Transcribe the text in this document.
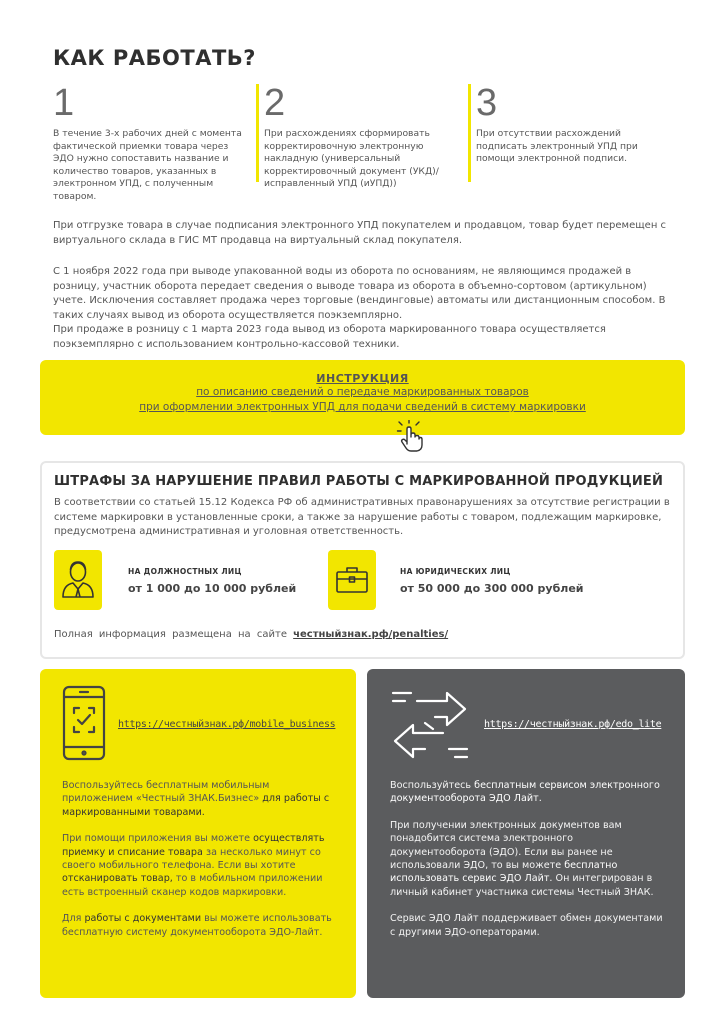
КАК РАБОТАТЬ?
1
В течение 3-х рабочих дней с момента фактической приемки товара через ЭДО нужно сопоставить название и количество товаров, указанных в электронном УПД, с полученным товаром.
2
При расхождениях сформировать корректировочную электронную накладную (универсальный корректировочный документ (УКД)/исправленный УПД (иУПД))
3
При отсутствии расхождений подписать электронный УПД при помощи электронной подписи.
При отгрузке товара в случае подписания электронного УПД покупателем и продавцом, товар будет перемещен с виртуального склада в ГИС МТ продавца на виртуальный склад покупателя.
С 1 ноября 2022 года при выводе упакованной воды из оборота по основаниям, не являющимся продажей в розницу, участник оборота передает сведения о выводе товара из оборота в объемно-сортовом (артикульном) учете. Исключения составляет продажа через торговые (вендинговые) автоматы или дистанционным способом. В таких случаях вывод из оборота осуществляется поэкземплярно.
При продаже в розницу с 1 марта 2023 года вывод из оборота маркированного товара осуществляется поэкземплярно с использованием контрольно-кассовой техники.
ИНСТРУКЦИЯ
по описанию сведений о передаче маркированных товаров
при оформлении электронных УПД для подачи сведений в систему маркировки
ШТРАФЫ ЗА НАРУШЕНИЕ ПРАВИЛ РАБОТЫ С МАРКИРОВАННОЙ ПРОДУКЦИЕЙ
В соответствии со статьей 15.12 Кодекса РФ об административных правонарушениях за отсутствие регистрации в системе маркировки в установленные сроки, а также за нарушение работы с товаром, подлежащим маркировке, предусмотрена административная и уголовная ответственность.
НА ДОЛЖНОСТНЫХ ЛИЦ
от 1 000 до 10 000 рублей
НА ЮРИДИЧЕСКИХ ЛИЦ
от 50 000 до 300 000 рублей
Полная информация размещена на сайте честныйзнак.рф/penalties/
https://честныйзнак.рф/mobile_business

Воспользуйтесь бесплатным мобильным приложением «Честный ЗНАК.Бизнес» для работы с маркированными товарами.

При помощи приложения вы можете осуществлять приемку и списание товара за несколько минут со своего мобильного телефона. Если вы хотите отсканировать товар, то в мобильном приложении есть встроенный сканер кодов маркировки.

Для работы с документами вы можете использовать бесплатную систему документооборота ЭДО-Лайт.

https://честныйзнак.рф/edo_lite

Воспользуйтесь бесплатным сервисом электронного документооборота ЭДО Лайт.

При получении электронных документов вам понадобится система электронного документооборота (ЭДО). Если вы ранее не использовали ЭДО, то вы можете бесплатно использовать сервис ЭДО Лайт. Он интегрирован в личный кабинет участника системы Честный ЗНАК.

Сервис ЭДО Лайт поддерживает обмен документами с другими ЭДО-операторами.
